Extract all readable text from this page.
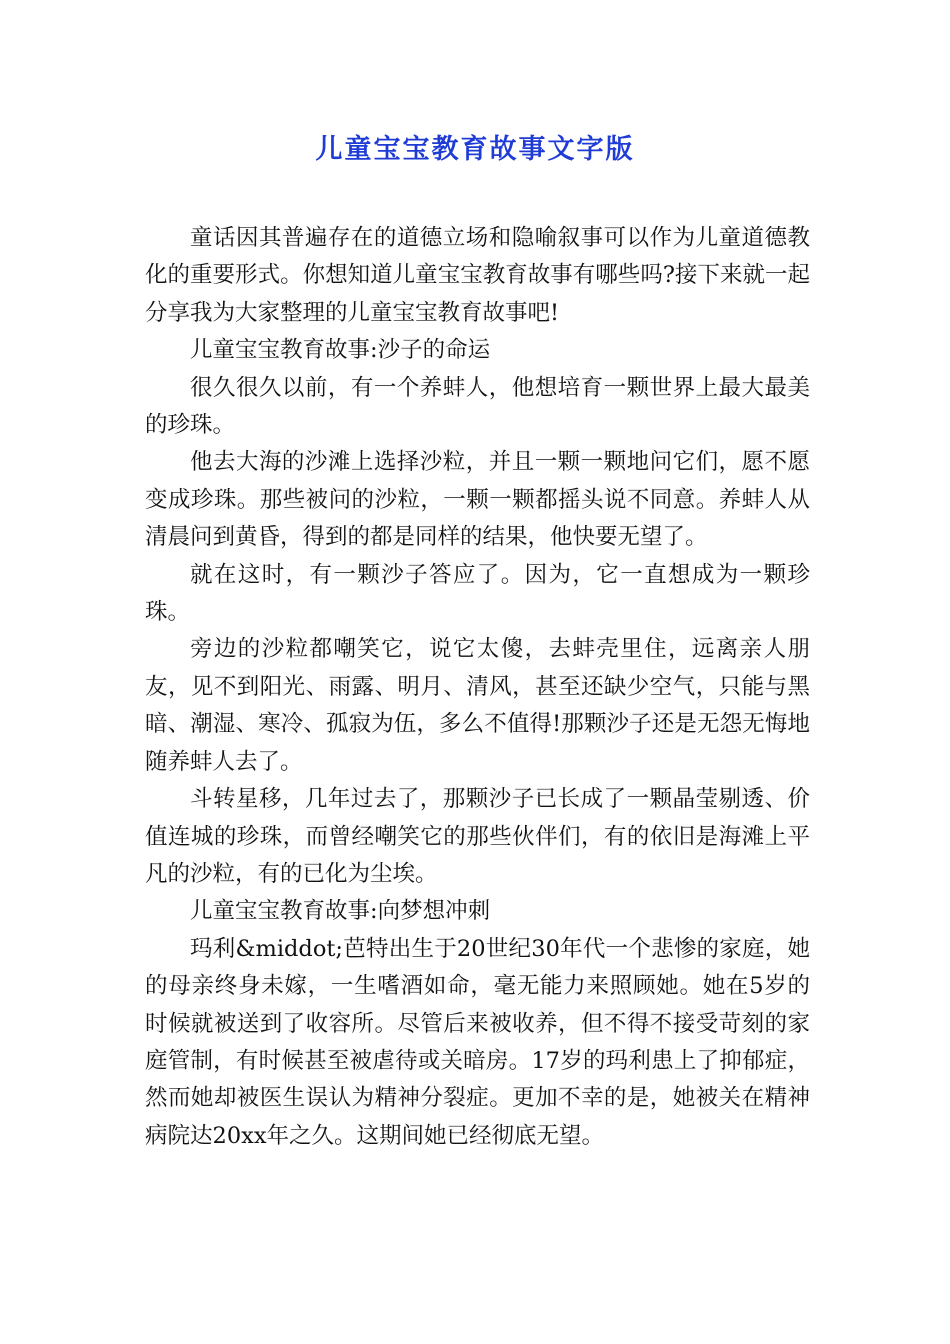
儿童宝宝教育故事文字版

童话因其普遍存在的道德立场和隐喻叙事可以作为儿童道德教化的重要形式。你想知道儿童宝宝教育故事有哪些吗?接下来就一起分享我为大家整理的儿童宝宝教育故事吧!

儿童宝宝教育故事:沙子的命运

很久很久以前，有一个养蚌人，他想培育一颗世界上最大最美的珍珠。

他去大海的沙滩上选择沙粒，并且一颗一颗地问它们，愿不愿变成珍珠。那些被问的沙粒，一颗一颗都摇头说不同意。养蚌人从清晨问到黄昏，得到的都是同样的结果，他快要无望了。

就在这时，有一颗沙子答应了。因为，它一直想成为一颗珍珠。

旁边的沙粒都嘲笑它，说它太傻，去蚌壳里住，远离亲人朋友，见不到阳光、雨露、明月、清风，甚至还缺少空气，只能与黑暗、潮湿、寒冷、孤寂为伍，多么不值得!那颗沙子还是无怨无悔地随养蚌人去了。

斗转星移，几年过去了，那颗沙子已长成了一颗晶莹剔透、价值连城的珍珠，而曾经嘲笑它的那些伙伴们，有的依旧是海滩上平凡的沙粒，有的已化为尘埃。

儿童宝宝教育故事:向梦想冲刺

玛利&middot;芭特出生于20世纪30年代一个悲惨的家庭，她的母亲终身未嫁，一生嗜酒如命，毫无能力来照顾她。她在5岁的时候就被送到了收容所。尽管后来被收养，但不得不接受苛刻的家庭管制，有时候甚至被虐待或关暗房。17岁的玛利患上了抑郁症，然而她却被医生误认为精神分裂症。更加不幸的是，她被关在精神病院达20xx年之久。这期间她已经彻底无望。
